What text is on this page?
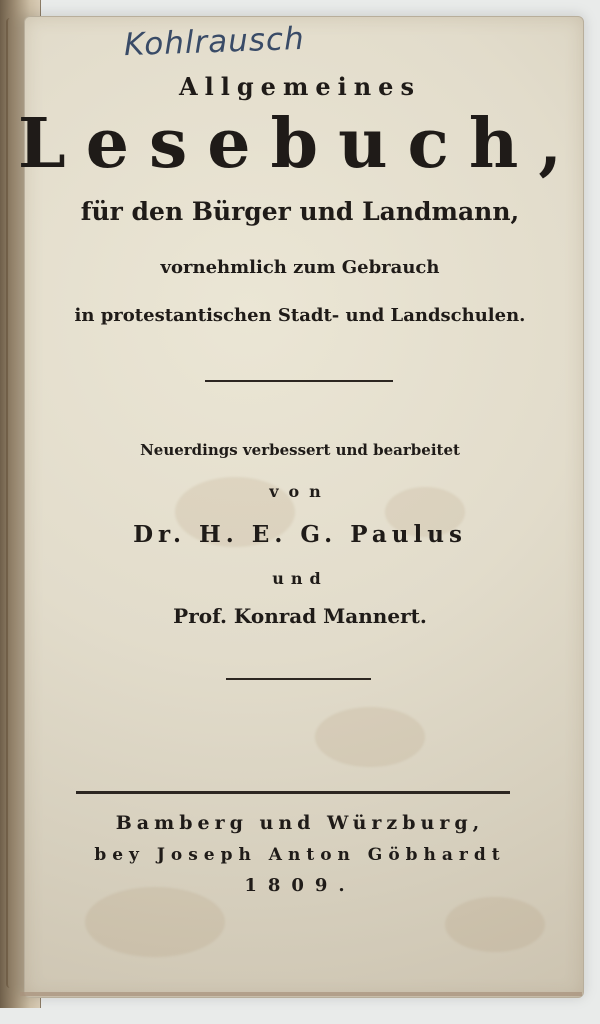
Kohlrausch
Allgemeines
Lesebuch,
für den Bürger und Landmann,
vornehmlich zum Gebrauch
in protestantischen Stadt- und Landschulen.
Neuerdings verbessert und bearbeitet
von
Dr. H. E. G. Paulus
und
Prof. Konrad Mannert.
Bamberg und Würzburg,
bey Joseph Anton Göbhardt
1809.
